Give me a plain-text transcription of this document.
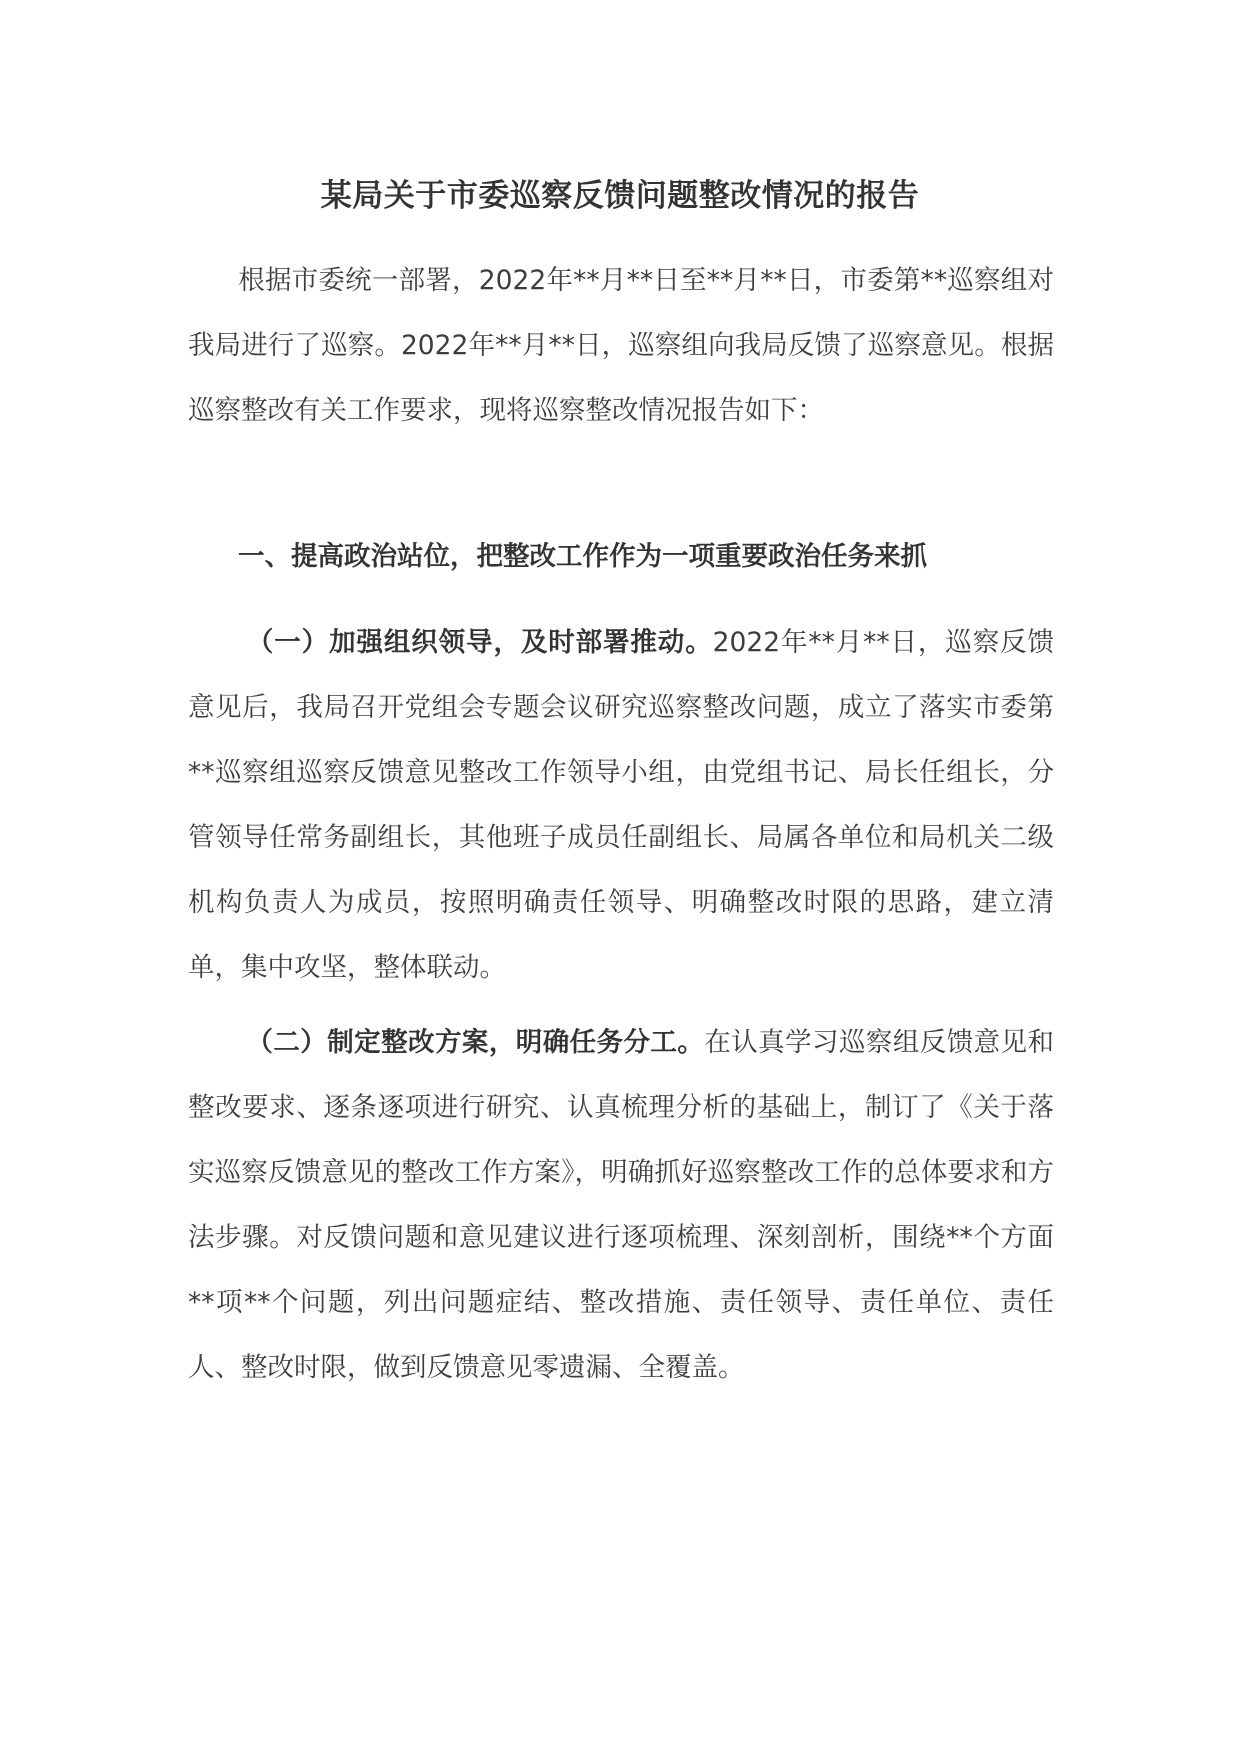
某局关于市委巡察反馈问题整改情况的报告

根据市委统一部署，2022年**月**日至**月**日，市委第**巡察组对我局进行了巡察。2022年**月**日，巡察组向我局反馈了巡察意见。根据巡察整改有关工作要求，现将巡察整改情况报告如下：

一、提高政治站位，把整改工作作为一项重要政治任务来抓

（一）加强组织领导，及时部署推动。2022年**月**日，巡察反馈意见后，我局召开党组会专题会议研究巡察整改问题，成立了落实市委第**巡察组巡察反馈意见整改工作领导小组，由党组书记、局长任组长，分管领导任常务副组长，其他班子成员任副组长、局属各单位和局机关二级机构负责人为成员，按照明确责任领导、明确整改时限的思路，建立清单，集中攻坚，整体联动。

（二）制定整改方案，明确任务分工。在认真学习巡察组反馈意见和整改要求、逐条逐项进行研究、认真梳理分析的基础上，制订了《关于落实巡察反馈意见的整改工作方案》，明确抓好巡察整改工作的总体要求和方法步骤。对反馈问题和意见建议进行逐项梳理、深刻剖析，围绕**个方面**项**个问题，列出问题症结、整改措施、责任领导、责任单位、责任人、整改时限，做到反馈意见零遗漏、全覆盖。
